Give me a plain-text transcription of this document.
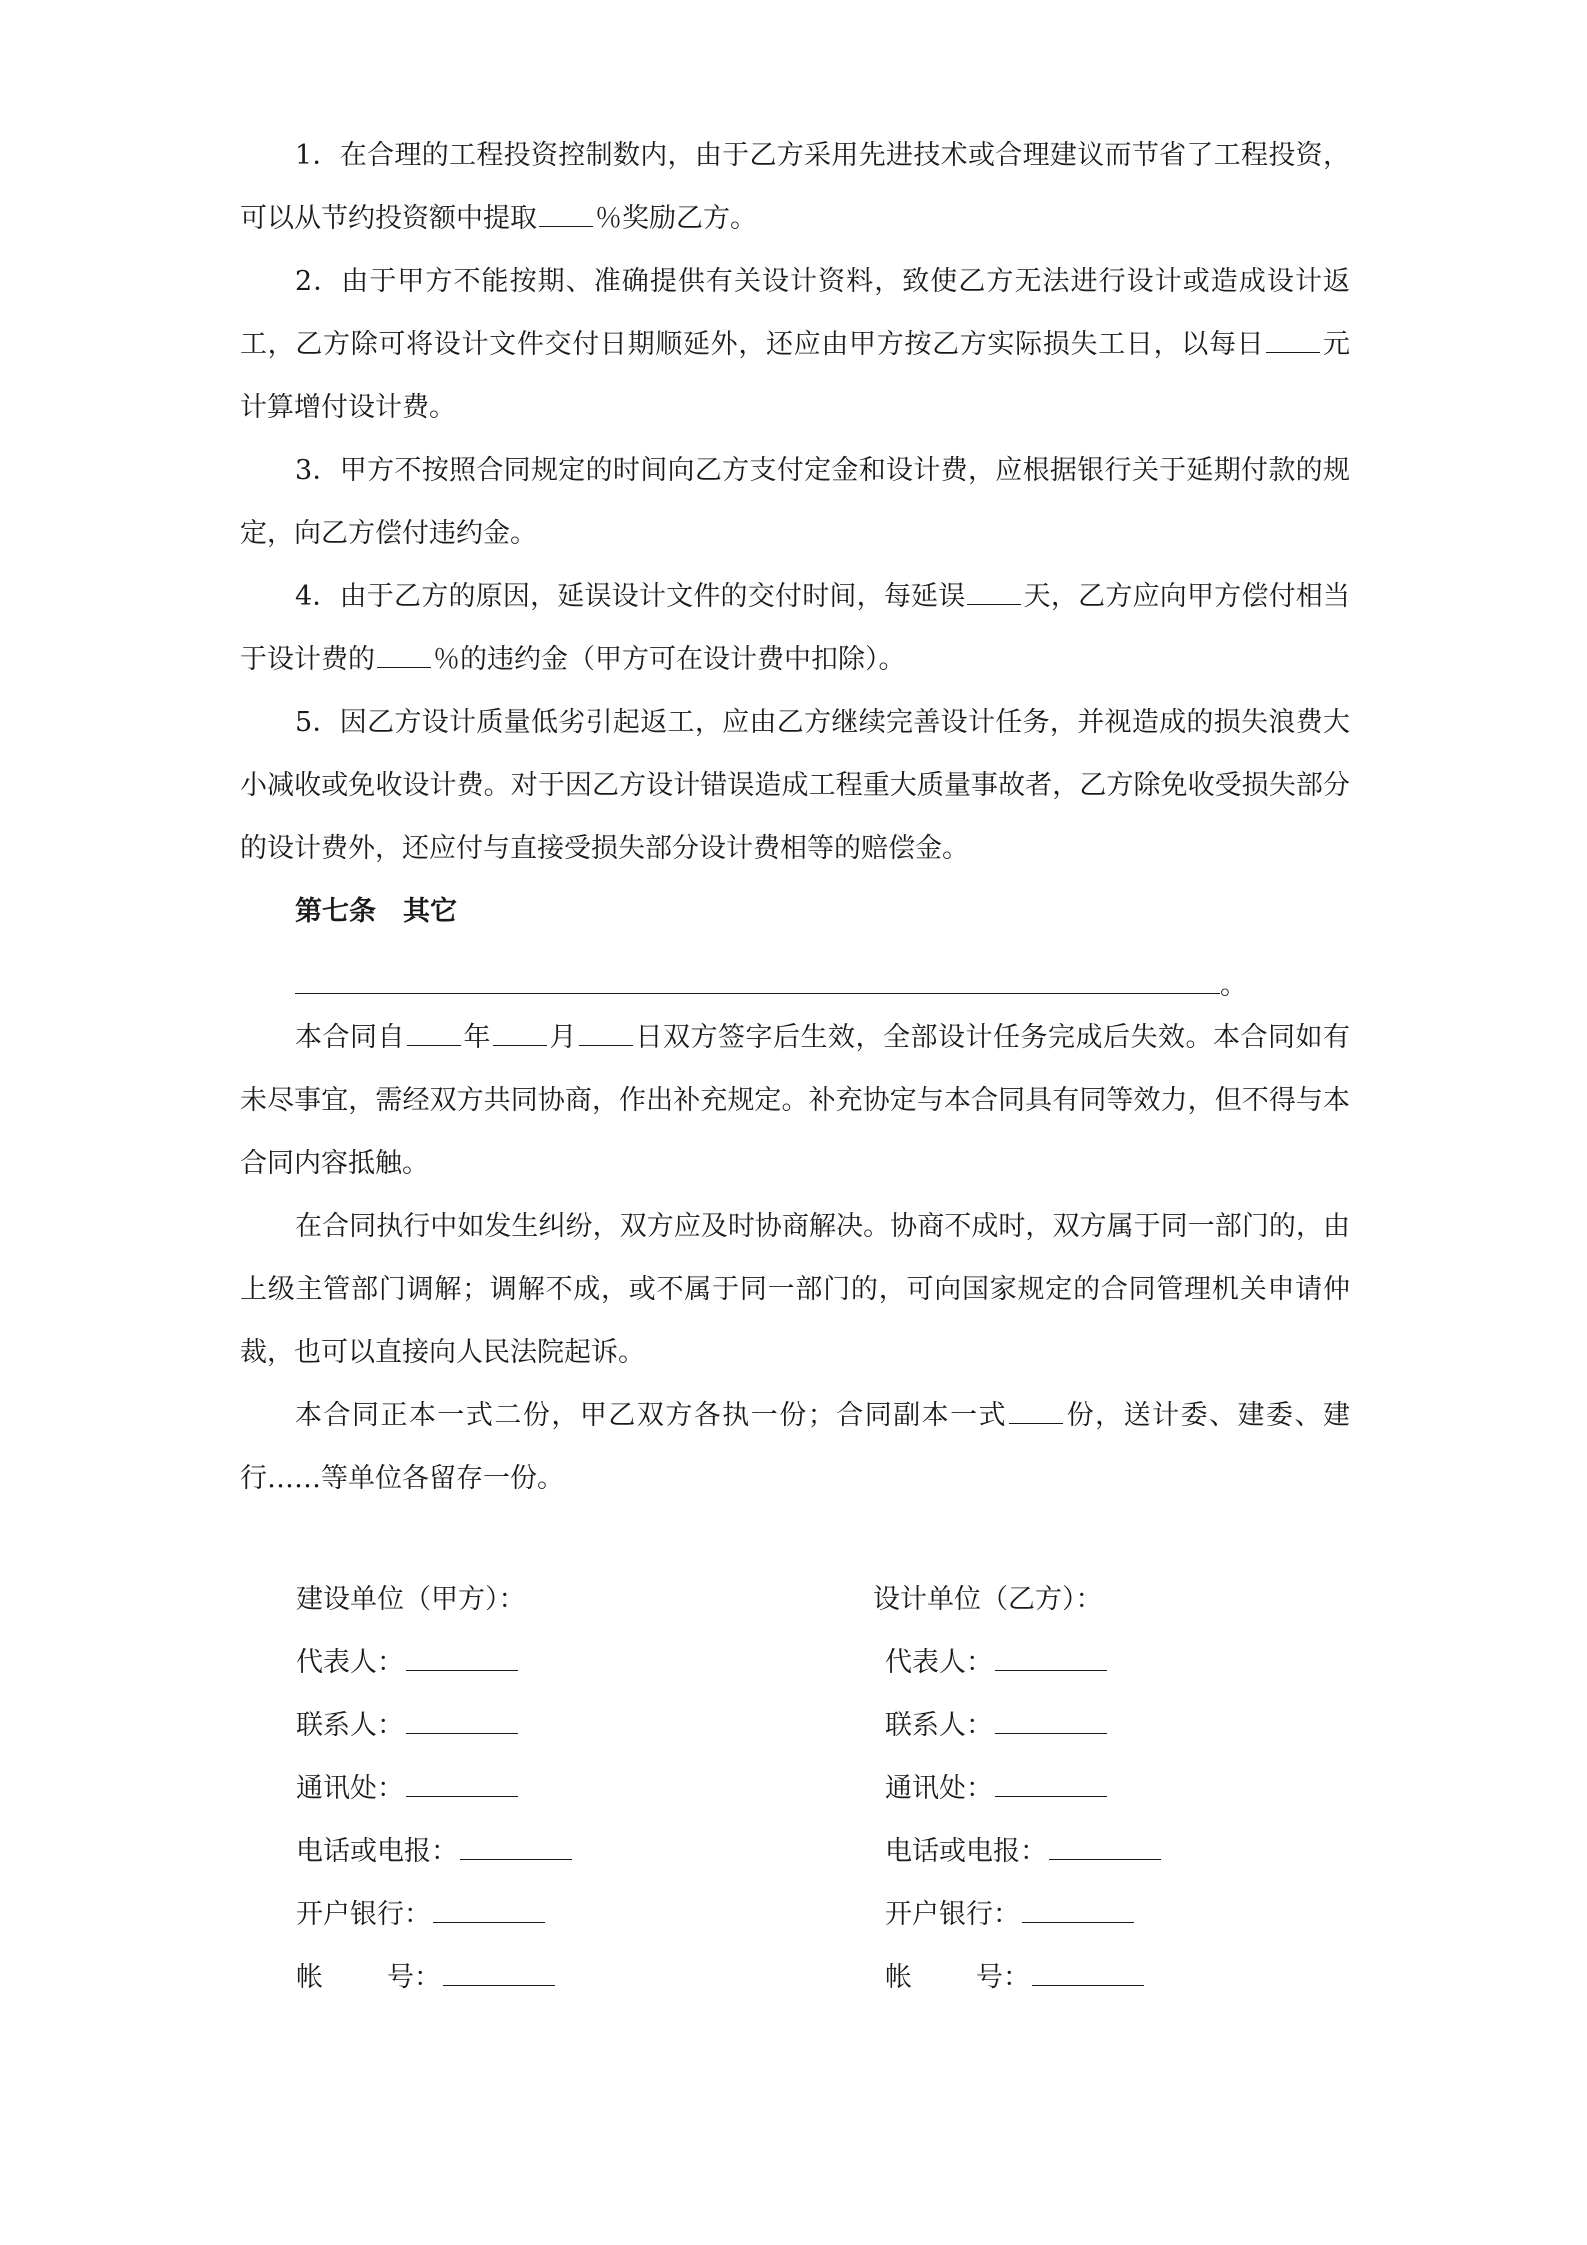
1．在合理的工程投资控制数内，由于乙方采用先进技术或合理建议而节省了工程投资，可以从节约投资额中提取 ％奖励乙方。

2．由于甲方不能按期、准确提供有关设计资料，致使乙方无法进行设计或造成设计返工，乙方除可将设计文件交付日期顺延外，还应由甲方按乙方实际损失工日，以每日 元计算增付设计费。

3．甲方不按照合同规定的时间向乙方支付定金和设计费，应根据银行关于延期付款的规定，向乙方偿付违约金。

4．由于乙方的原因，延误设计文件的交付时间，每延误 天，乙方应向甲方偿付相当于设计费的 ％的违约金（甲方可在设计费中扣除）。

5．因乙方设计质量低劣引起返工，应由乙方继续完善设计任务，并视造成的损失浪费大小减收或免收设计费。对于因乙方设计错误造成工程重大质量事故者，乙方除免收受损失部分的设计费外，还应付与直接受损失部分设计费相等的赔偿金。

第七条　其它

。

本合同自 年 月 日双方签字后生效，全部设计任务完成后失效。本合同如有未尽事宜，需经双方共同协商，作出补充规定。补充协定与本合同具有同等效力，但不得与本合同内容抵触。

在合同执行中如发生纠纷，双方应及时协商解决。协商不成时，双方属于同一部门的，由上级主管部门调解；调解不成，或不属于同一部门的，可向国家规定的合同管理机关申请仲裁，也可以直接向人民法院起诉。

本合同正本一式二份，甲乙双方各执一份；合同副本一式 份，送计委、建委、建行……等单位各留存一份。

建设单位（甲方）：
代表人：
联系人：
通讯处：
电话或电报：
开户银行：
帐 号：
设计单位（乙方）：
代表人：
联系人：
通讯处：
电话或电报：
开户银行：
帐 号：
